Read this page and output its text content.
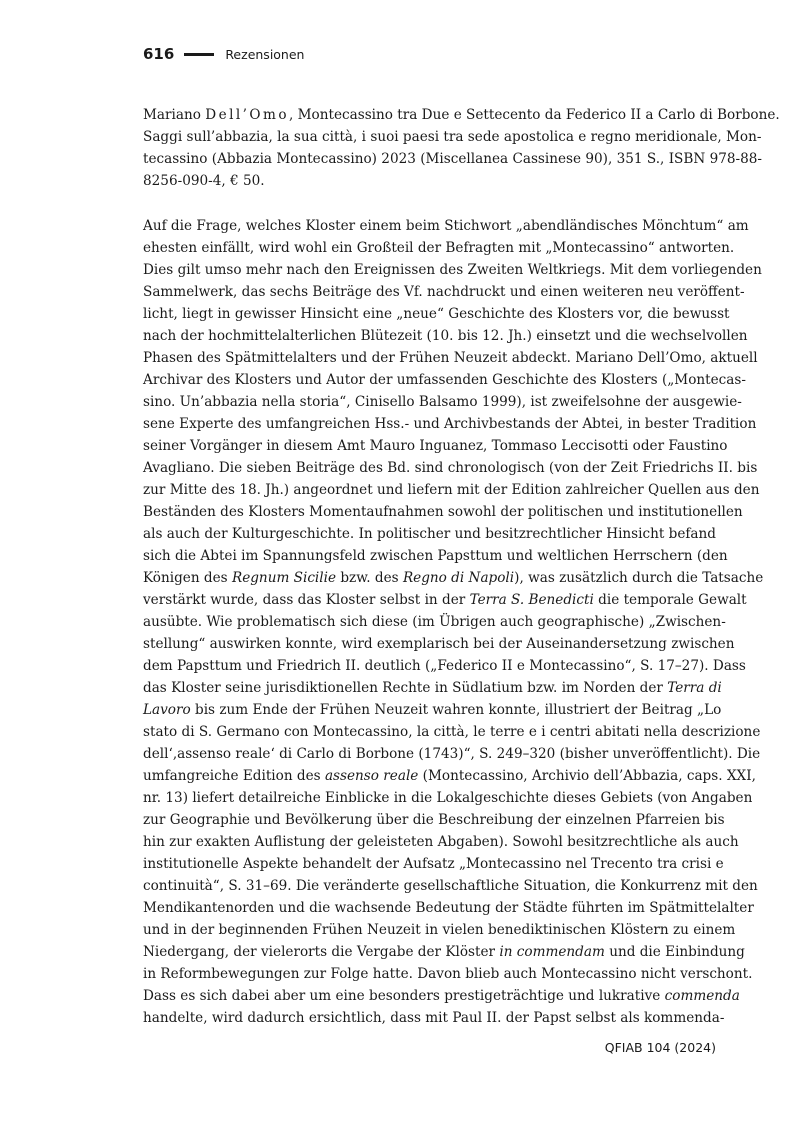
616	Rezensionen
Mariano Dell’Omo, Montecassino tra Due e Settecento da Federico II a Carlo di Borbone.
Saggi sull’abbazia, la sua città, i suoi paesi tra sede apostolica e regno meridionale, Mon-
tecassino (Abbazia Montecassino) 2023 (Miscellanea Cassinese 90), 351 S., ISBN 978-88-
8256-090-4, € 50.
Auf die Frage, welches Kloster einem beim Stichwort „abendländisches Mönchtum“ am
ehesten einfällt, wird wohl ein Großteil der Befragten mit „Montecassino“ antworten.
Dies gilt umso mehr nach den Ereignissen des Zweiten Weltkriegs. Mit dem vorliegenden
Sammelwerk, das sechs Beiträge des Vf. nachdruckt und einen weiteren neu veröffent-
licht, liegt in gewisser Hinsicht eine „neue“ Geschichte des Klosters vor, die bewusst
nach der hochmittelalterlichen Blütezeit (10. bis 12. Jh.) einsetzt und die wechselvollen
Phasen des Spätmittelalters und der Frühen Neuzeit abdeckt. Mariano Dell’Omo, aktuell
Archivar des Klosters und Autor der umfassenden Geschichte des Klosters („Montecas-
sino. Un’abbazia nella storia“, Cinisello Balsamo 1999), ist zweifelsohne der ausgewie-
sene Experte des umfangreichen Hss.- und Archivbestands der Abtei, in bester Tradition
seiner Vorgänger in diesem Amt Mauro Inguanez, Tommaso Leccisotti oder Faustino
Avagliano. Die sieben Beiträge des Bd. sind chronologisch (von der Zeit Friedrichs II. bis
zur Mitte des 18. Jh.) angeordnet und liefern mit der Edition zahlreicher Quellen aus den
Beständen des Klosters Momentaufnahmen sowohl der politischen und institutionellen
als auch der Kulturgeschichte. In politischer und besitzrechtlicher Hinsicht befand
sich die Abtei im Spannungsfeld zwischen Papsttum und weltlichen Herrschern (den
Königen des Regnum Sicilie bzw. des Regno di Napoli), was zusätzlich durch die Tatsache
verstärkt wurde, dass das Kloster selbst in der Terra S. Benedicti die temporale Gewalt
ausübte. Wie problematisch sich diese (im Übrigen auch geographische) „Zwischen-
stellung“ auswirken konnte, wird exemplarisch bei der Auseinandersetzung zwischen
dem Papsttum und Friedrich II. deutlich („Federico II e Montecassino“, S. 17–27). Dass
das Kloster seine jurisdiktionellen Rechte in Südlatium bzw. im Norden der Terra di
Lavoro bis zum Ende der Frühen Neuzeit wahren konnte, illustriert der Beitrag „Lo
stato di S. Germano con Montecassino, la città, le terre e i centri abitati nella descrizione
dell‘‚assenso reale‘ di Carlo di Borbone (1743)“, S. 249–320 (bisher unveröffentlicht). Die
umfangreiche Edition des assenso reale (Montecassino, Archivio dell’Abbazia, caps. XXI,
nr. 13) liefert detailreiche Einblicke in die Lokalgeschichte dieses Gebiets (von Angaben
zur Geographie und Bevölkerung über die Beschreibung der einzelnen Pfarreien bis
hin zur exakten Auflistung der geleisteten Abgaben). Sowohl besitzrechtliche als auch
institutionelle Aspekte behandelt der Aufsatz „Montecassino nel Trecento tra crisi e
continuità“, S. 31–69. Die veränderte gesellschaftliche Situation, die Konkurrenz mit den
Mendikantenorden und die wachsende Bedeutung der Städte führten im Spätmittelalter
und in der beginnenden Frühen Neuzeit in vielen benediktinischen Klöstern zu einem
Niedergang, der vielerorts die Vergabe der Klöster in commendam und die Einbindung
in Reformbewegungen zur Folge hatte. Davon blieb auch Montecassino nicht verschont.
Dass es sich dabei aber um eine besonders prestigeträchtige und lukrative commenda
handelte, wird dadurch ersichtlich, dass mit Paul II. der Papst selbst als kommenda-
QFIAB 104 (2024)
